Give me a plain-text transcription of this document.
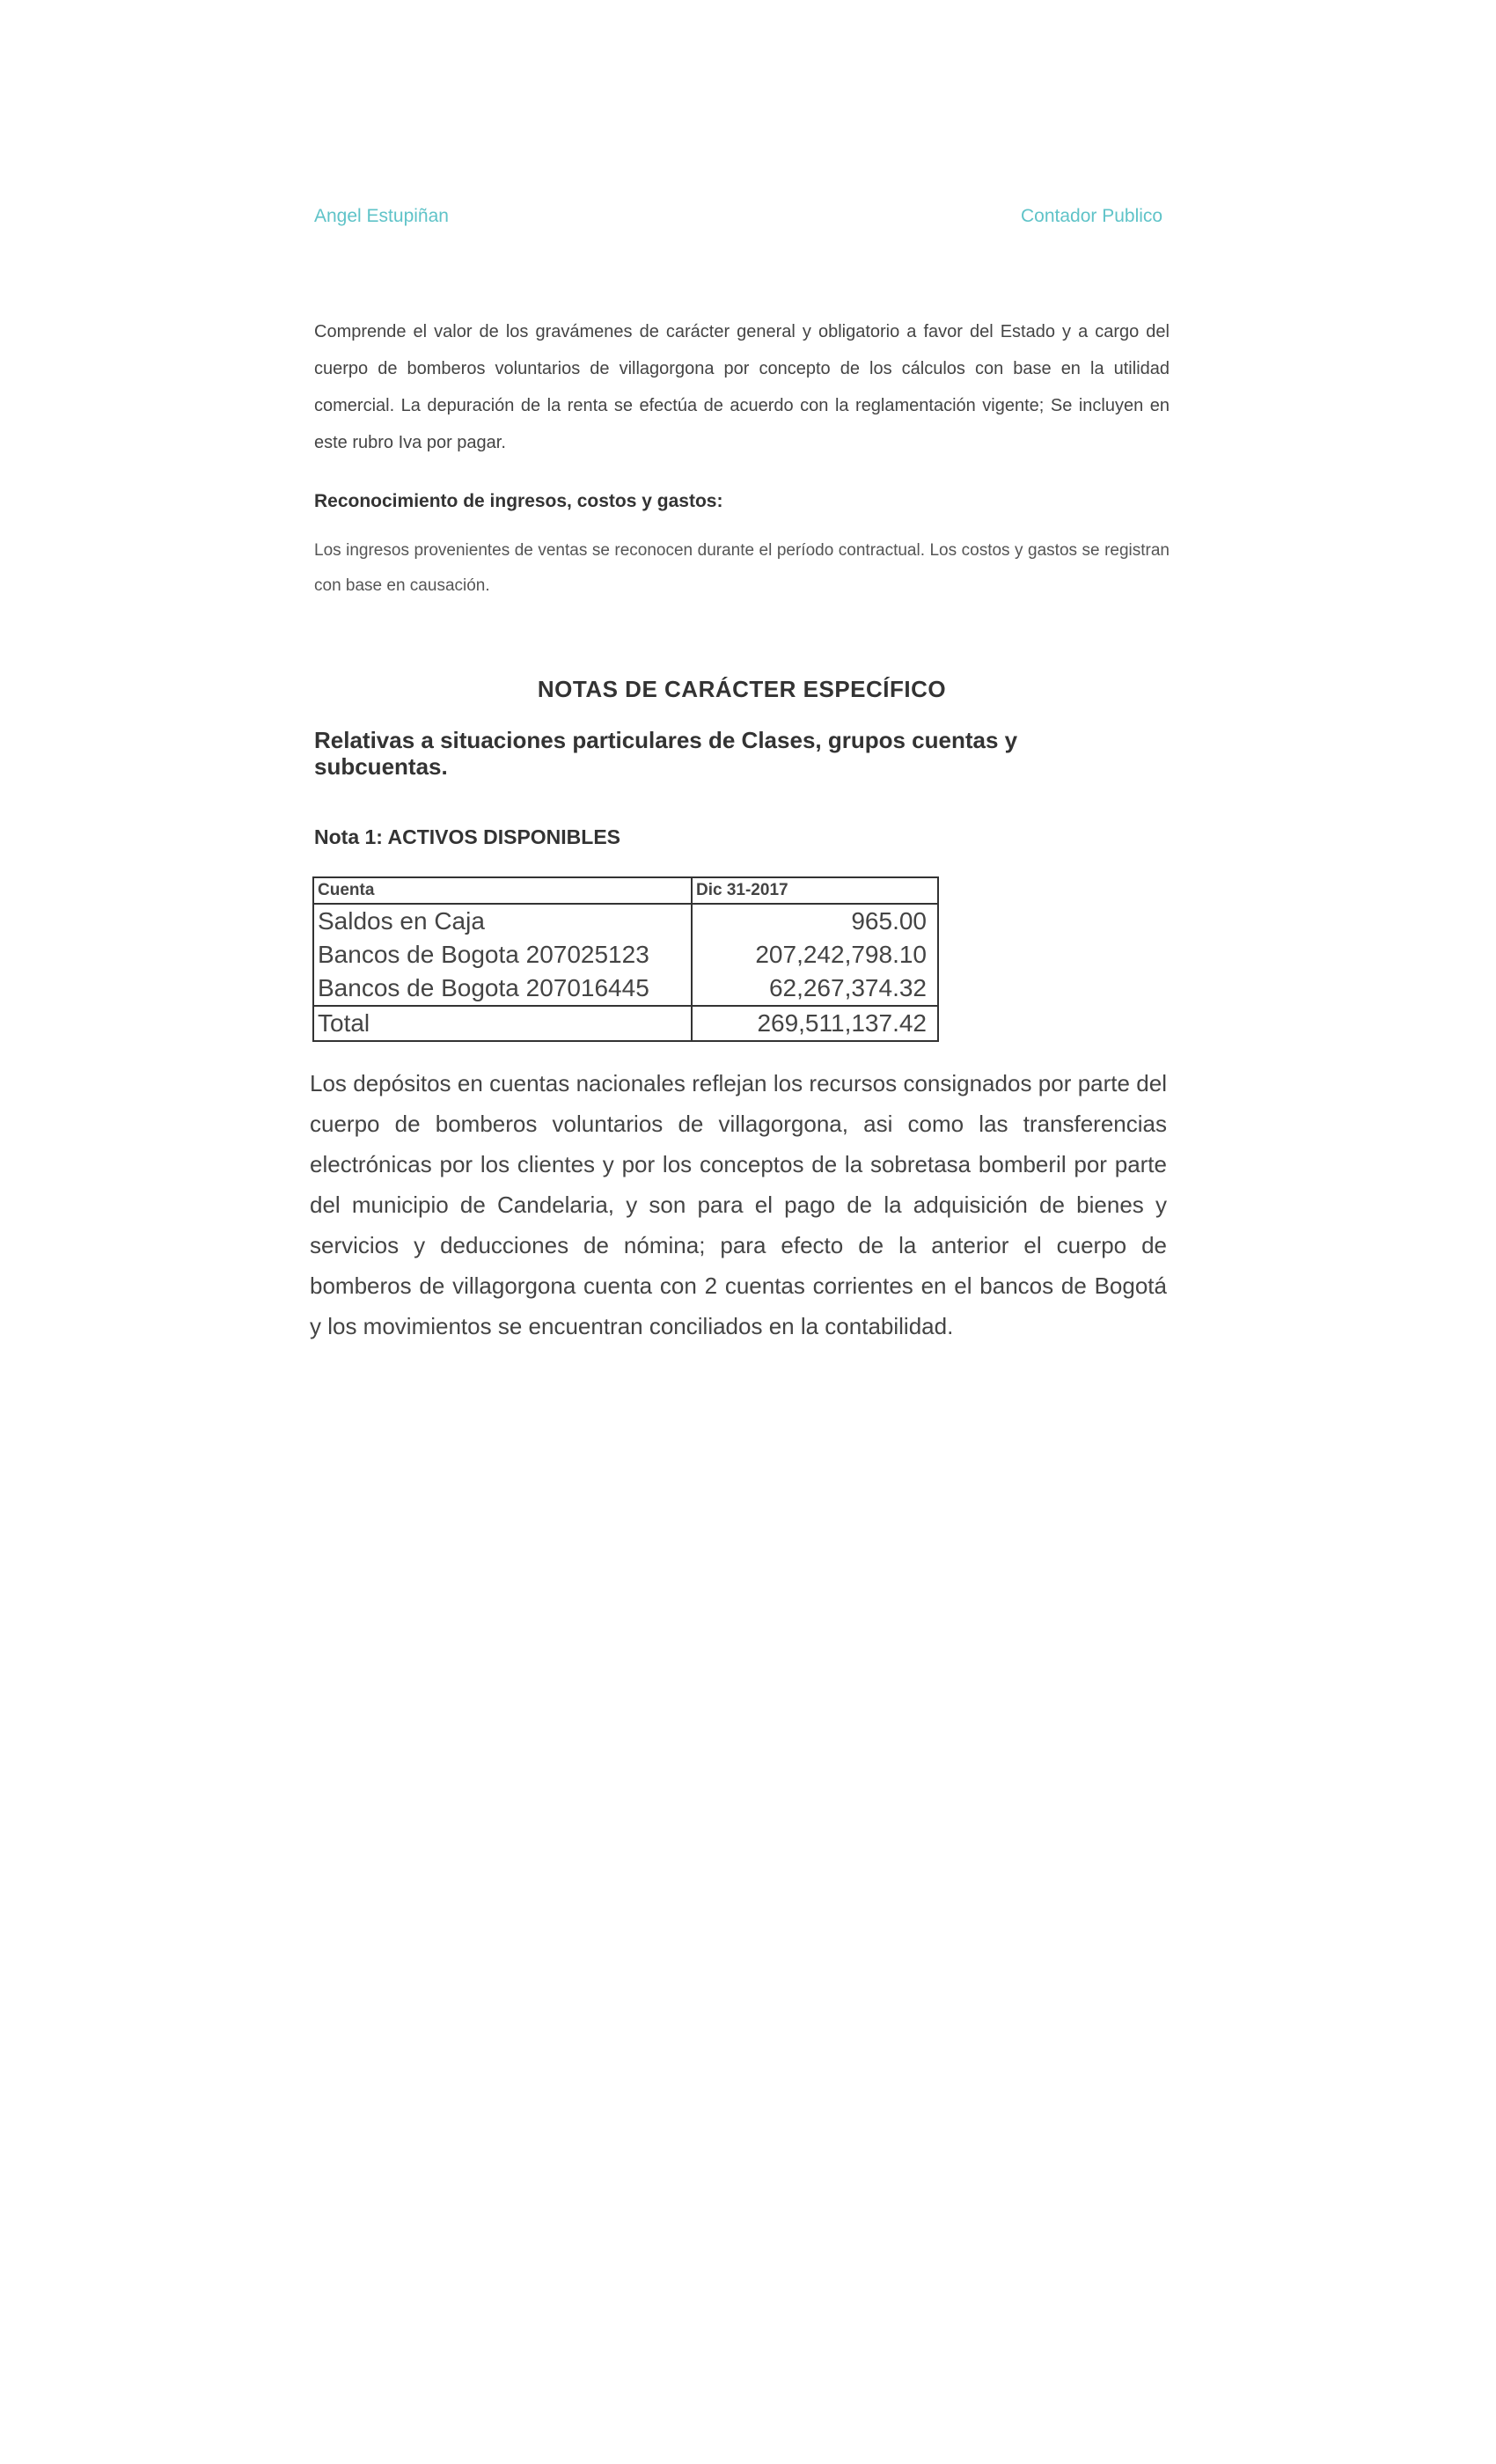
Angel Estupiñan	Contador Publico
Comprende el valor de los gravámenes de carácter general y obligatorio a favor del Estado y a cargo del cuerpo de bomberos voluntarios de villagorgona por concepto de los cálculos con base en la utilidad comercial. La depuración de la renta se efectúa de acuerdo con la reglamentación vigente; Se incluyen en este rubro Iva por pagar.
Reconocimiento de ingresos, costos y gastos:
Los ingresos provenientes de ventas se reconocen durante el período contractual. Los costos y gastos se registran con base en causación.
NOTAS DE CARÁCTER ESPECÍFICO
Relativas a situaciones particulares de Clases, grupos cuentas y subcuentas.
Nota 1: ACTIVOS DISPONIBLES
Cuenta	Dic 31-2017
Saldos en Caja	965.00
Bancos de Bogota 207025123	207,242,798.10
Bancos de Bogota 207016445	62,267,374.32
Total	269,511,137.42
Los depósitos en cuentas nacionales reflejan los recursos consignados por parte del cuerpo de bomberos voluntarios de villagorgona, asi como las transferencias electrónicas por los clientes y por los conceptos de la sobretasa bomberil por parte del municipio de Candelaria, y son para el pago de la adquisición de bienes y servicios y deducciones de nómina; para efecto de la anterior el cuerpo de bomberos de villagorgona cuenta con 2 cuentas corrientes en el bancos de Bogotá y los movimientos se encuentran conciliados en la contabilidad.
